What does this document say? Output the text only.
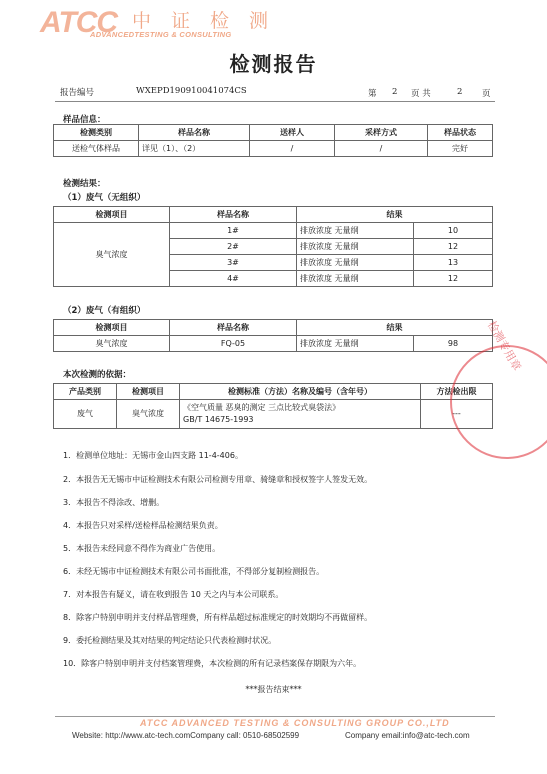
ATCC 中证检测
ADVANCEDTESTING & CONSULTING
检测报告
报告编号	WXEPD190910041074CS	第 2 页 共	2 页
样品信息：
检测类别	样品名称	送样人	采样方式	样品状态
送检气体样品	详见（1）、（2）	/	/	完好
检测结果：
（1）废气（无组织）
检测项目	样品名称	结果	
臭气浓度	1#	排放浓度 无量纲	10
	2#	排放浓度 无量纲	12
	3#	排放浓度 无量纲	13
	4#	排放浓度 无量纲	12
（2）废气（有组织）
检测项目	样品名称	结果	
臭气浓度	FQ-05	排放浓度 无量纲	98
本次检测的依据：
产品类别	检测项目	检测标准（方法）名称及编号（含年号）	方法检出限
废气	臭气浓度	《空气质量 恶臭的测定 三点比较式臭袋法》
GB/T 14675-1993	---
检测专用章
1．检测单位地址：无锡市金山四支路 11-4-406。
2．本报告无无锡市中证检测技术有限公司检测专用章、骑缝章和授权签字人签发无效。
3．本报告不得涂改、增删。
4．本报告只对采样/送检样品检测结果负责。
5．本报告未经同意不得作为商业广告使用。
6．未经无锡市中证检测技术有限公司书面批准，不得部分复制检测报告。
7．对本报告有疑义，请在收到报告 10 天之内与本公司联系。
8．除客户特别申明并支付样品管理费，所有样品超过标准规定的时效期均不再做留样。
9．委托检测结果及其对结果的判定结论只代表检测时状况。
10．除客户特别申明并支付档案管理费，本次检测的所有记录档案保存期限为六年。
***报告结束***
ATCC ADVANCED TESTING & CONSULTING GROUP CO.,LTD
Website: http://www.atc-tech.comCompany call: 0510-68502599	Company email:info@atc-tech.com
